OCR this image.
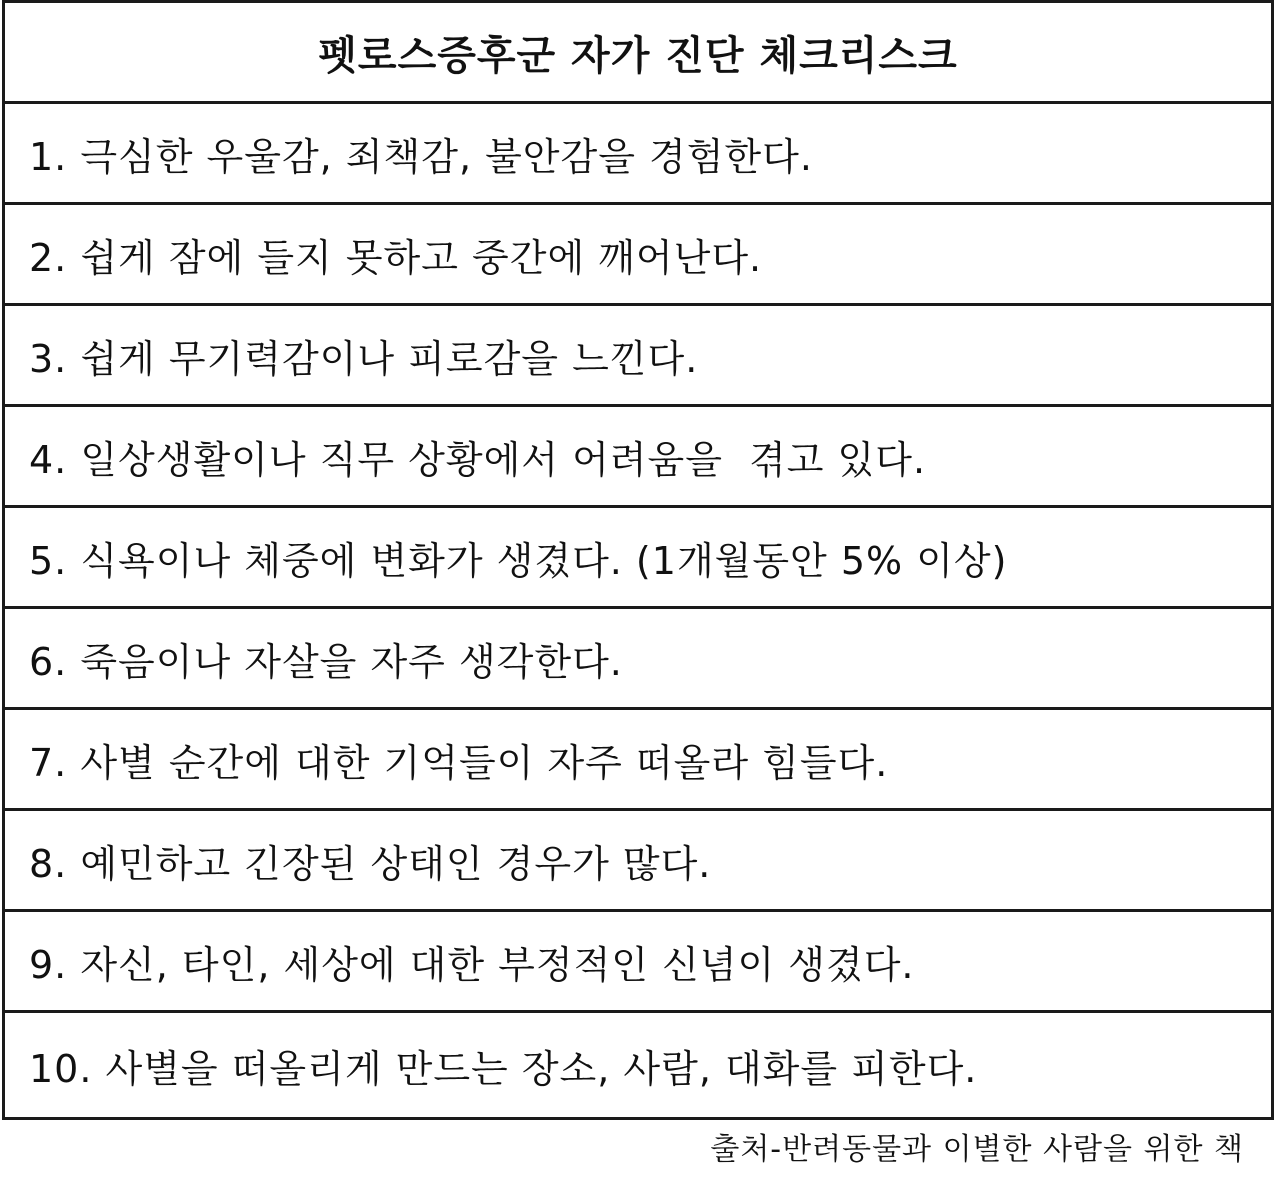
펫로스증후군 자가 진단 체크리스크
1. 극심한 우울감, 죄책감, 불안감을 경험한다.
2. 쉽게 잠에 들지 못하고 중간에 깨어난다.
3. 쉽게 무기력감이나 피로감을 느낀다.
4. 일상생활이나 직무 상황에서 어려움을  겪고 있다.
5. 식욕이나 체중에 변화가 생겼다. (1개월동안 5% 이상)
6. 죽음이나 자살을 자주 생각한다.
7. 사별 순간에 대한 기억들이 자주 떠올라 힘들다.
8. 예민하고 긴장된 상태인 경우가 많다.
9. 자신, 타인, 세상에 대한 부정적인 신념이 생겼다.
10. 사별을 떠올리게 만드는 장소, 사람, 대화를 피한다.
출처-반려동물과 이별한 사람을 위한 책
